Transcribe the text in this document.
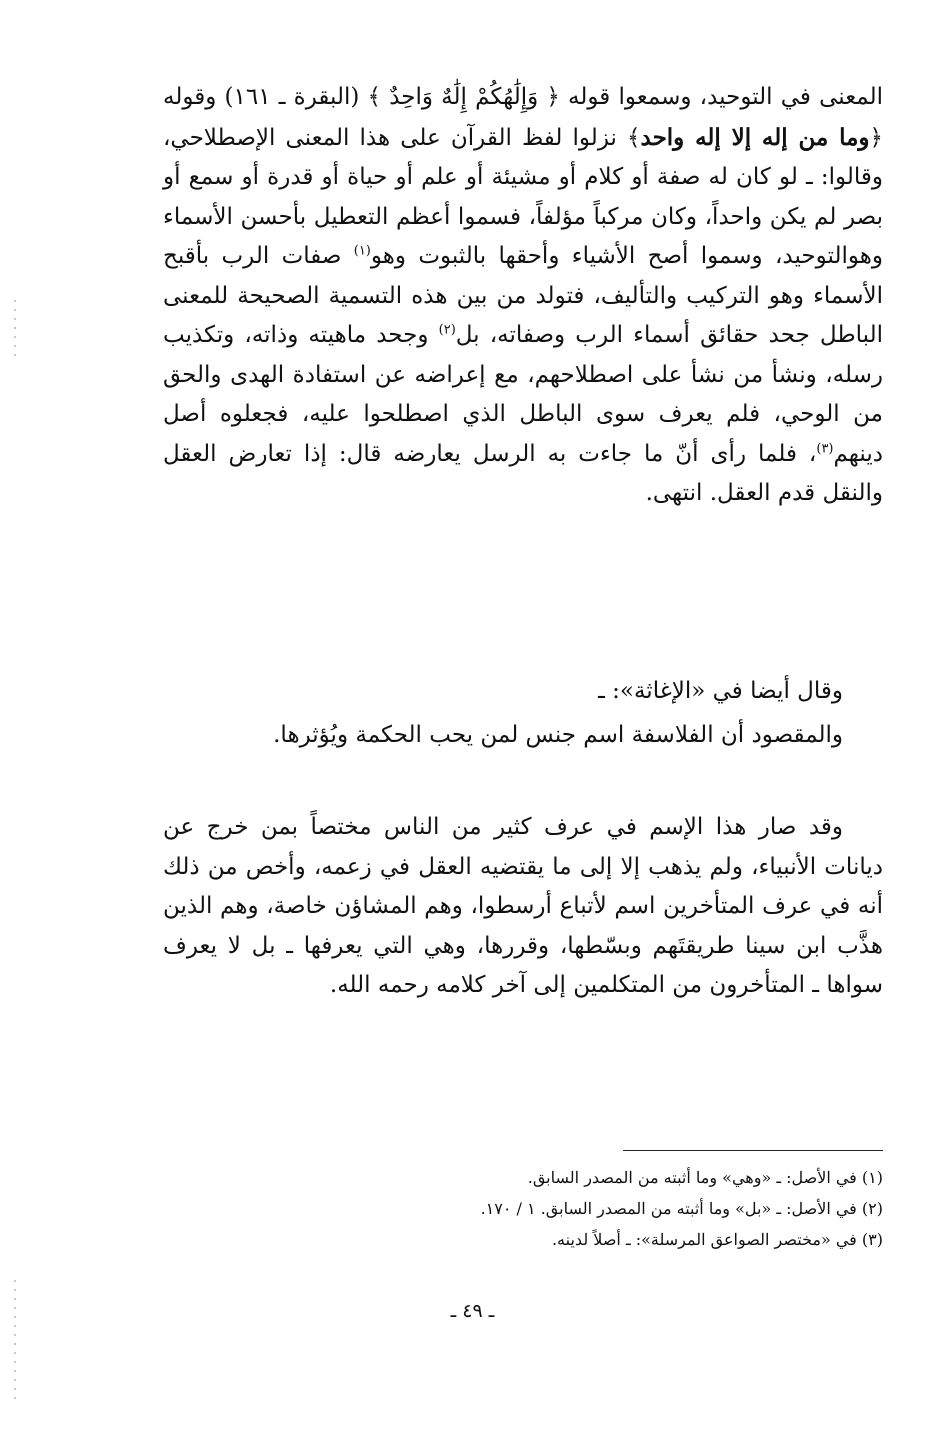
المعنى في التوحيد، وسمعوا قوله ﴿ وَإِلَٰهُكُمْ إِلَٰهٌ وَاحِدٌ ﴾ (البقرة ـ ١٦١) وقوله ﴿وما من إله إلا إله واحد﴾ نزلوا لفظ القرآن على هذا المعنى الإصطلاحي، وقالوا: ـ لو كان له صفة أو كلام أو مشيئة أو علم أو حياة أو قدرة أو سمع أو بصر لم يكن واحداً، وكان مركباً مؤلفاً، فسموا أعظم التعطيل بأحسن الأسماء وهوالتوحيد، وسموا أصح الأشياء وأحقها بالثبوت وهو$^{(١)}$ صفات الرب بأقبح الأسماء وهو التركيب والتأليف، فتولد من بين هذه التسمية الصحيحة للمعنى الباطل جحد حقائق أسماء الرب وصفاته، بل$^{(٢)}$ وجحد ماهيته وذاته، وتكذيب رسله، ونشأ من نشأ على اصطلاحهم، مع إعراضه عن استفادة الهدى والحق من الوحي، فلم يعرف سوى الباطل الذي اصطلحوا عليه، فجعلوه أصل دينهم$^{(٣)}$، فلما رأى أنّ ما جاءت به الرسل يعارضه قال: إذا تعارض العقل والنقل قدم العقل. انتهى.

وقال أيضا في «الإغاثة»: ـ

والمقصود أن الفلاسفة اسم جنس لمن يحب الحكمة ويُؤثرها.

وقد صار هذا الإسم في عرف كثير من الناس مختصاً بمن خرج عن ديانات الأنبياء، ولم يذهب إلا إلى ما يقتضيه العقل في زعمه، وأخص من ذلك أنه في عرف المتأخرين اسم لأتباع أرسطوا، وهم المشاؤن خاصة، وهم الذين هذَّب ابن سينا طريقتَهم وبسّطها، وقررها، وهي التي يعرفها ـ بل لا يعرف سواها ـ المتأخرون من المتكلمين إلى آخر كلامه رحمه الله.

(١) في الأصل: ـ «وهي» وما أثبته من المصدر السابق.
(٢) في الأصل: ـ «بل» وما أثبته من المصدر السابق. ١ / ١٧٠.
(٣) في «مختصر الصواعق المرسلة»: ـ أصلاً لدينه.
ـ ٤٩ ـ
